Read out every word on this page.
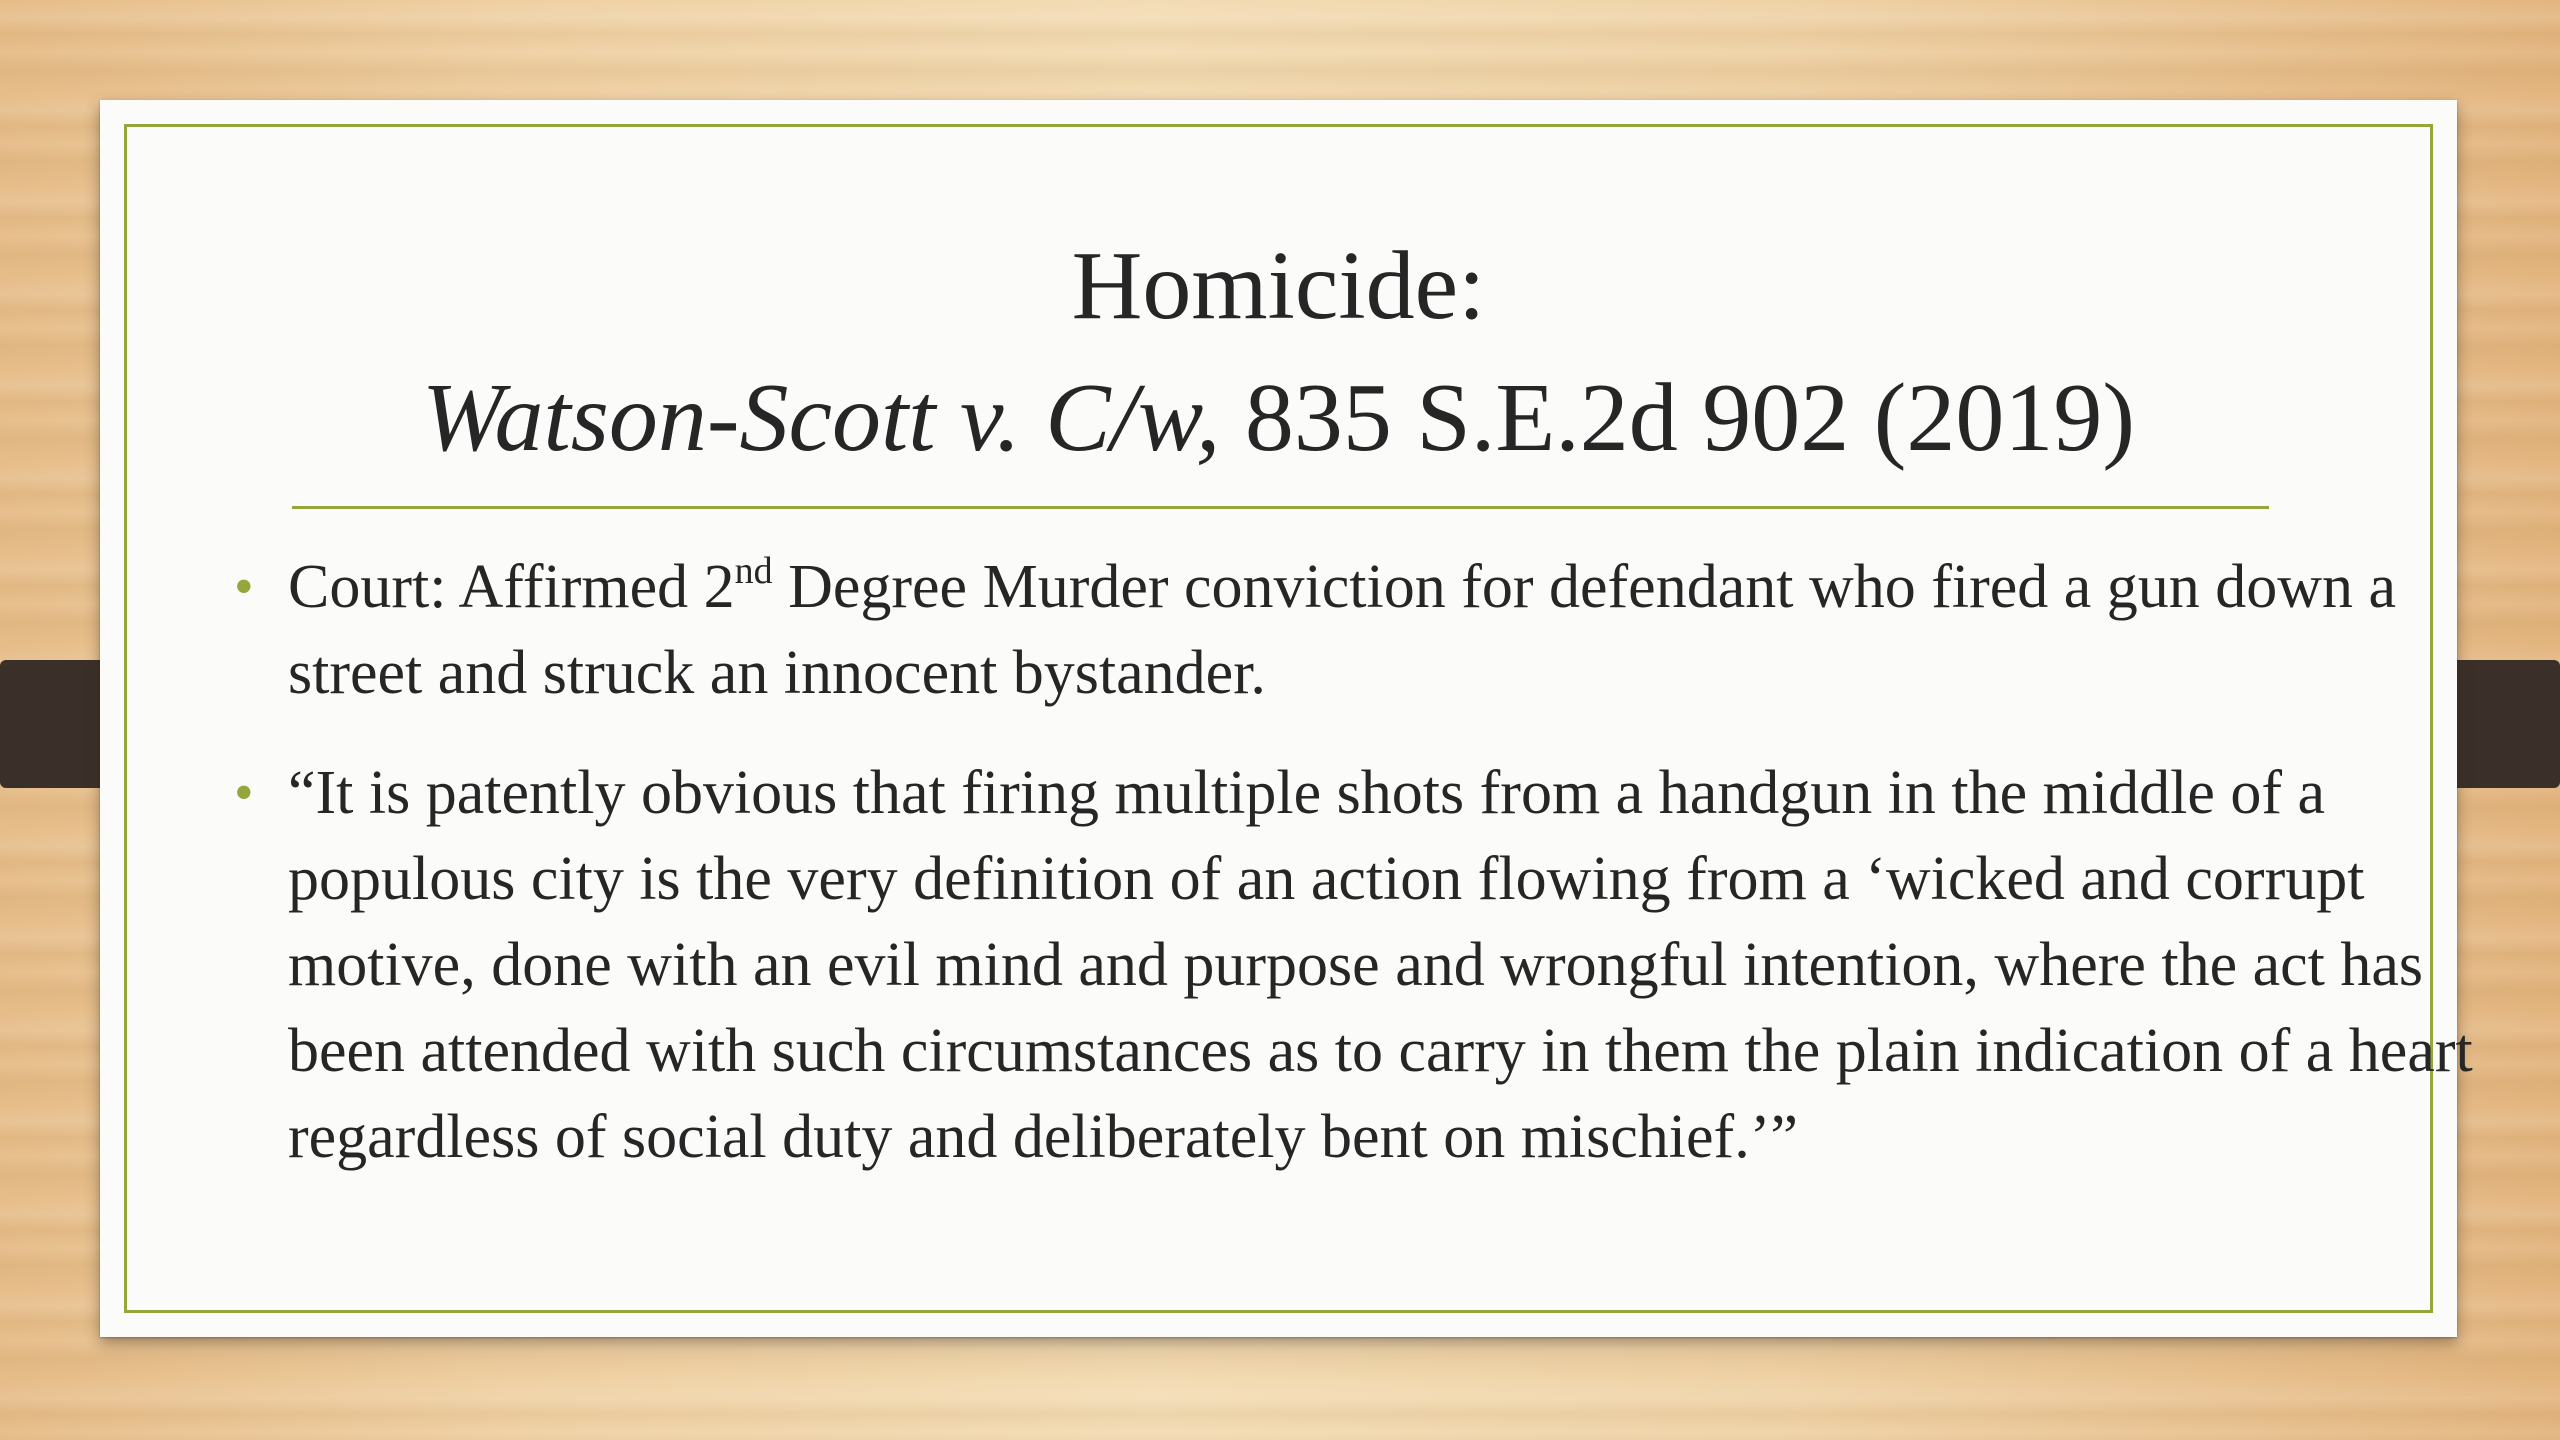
Homicide:
Watson-Scott v. C/w, 835 S.E.2d 902 (2019)
• Court: Affirmed 2nd Degree Murder conviction for defendant who fired a gun down a street and struck an innocent bystander.
• “It is patently obvious that firing multiple shots from a handgun in the middle of a populous city is the very definition of an action flowing from a ‘wicked and corrupt motive, done with an evil mind and purpose and wrongful intention, where the act has been attended with such circumstances as to carry in them the plain indication of a heart regardless of social duty and deliberately bent on mischief.’”
